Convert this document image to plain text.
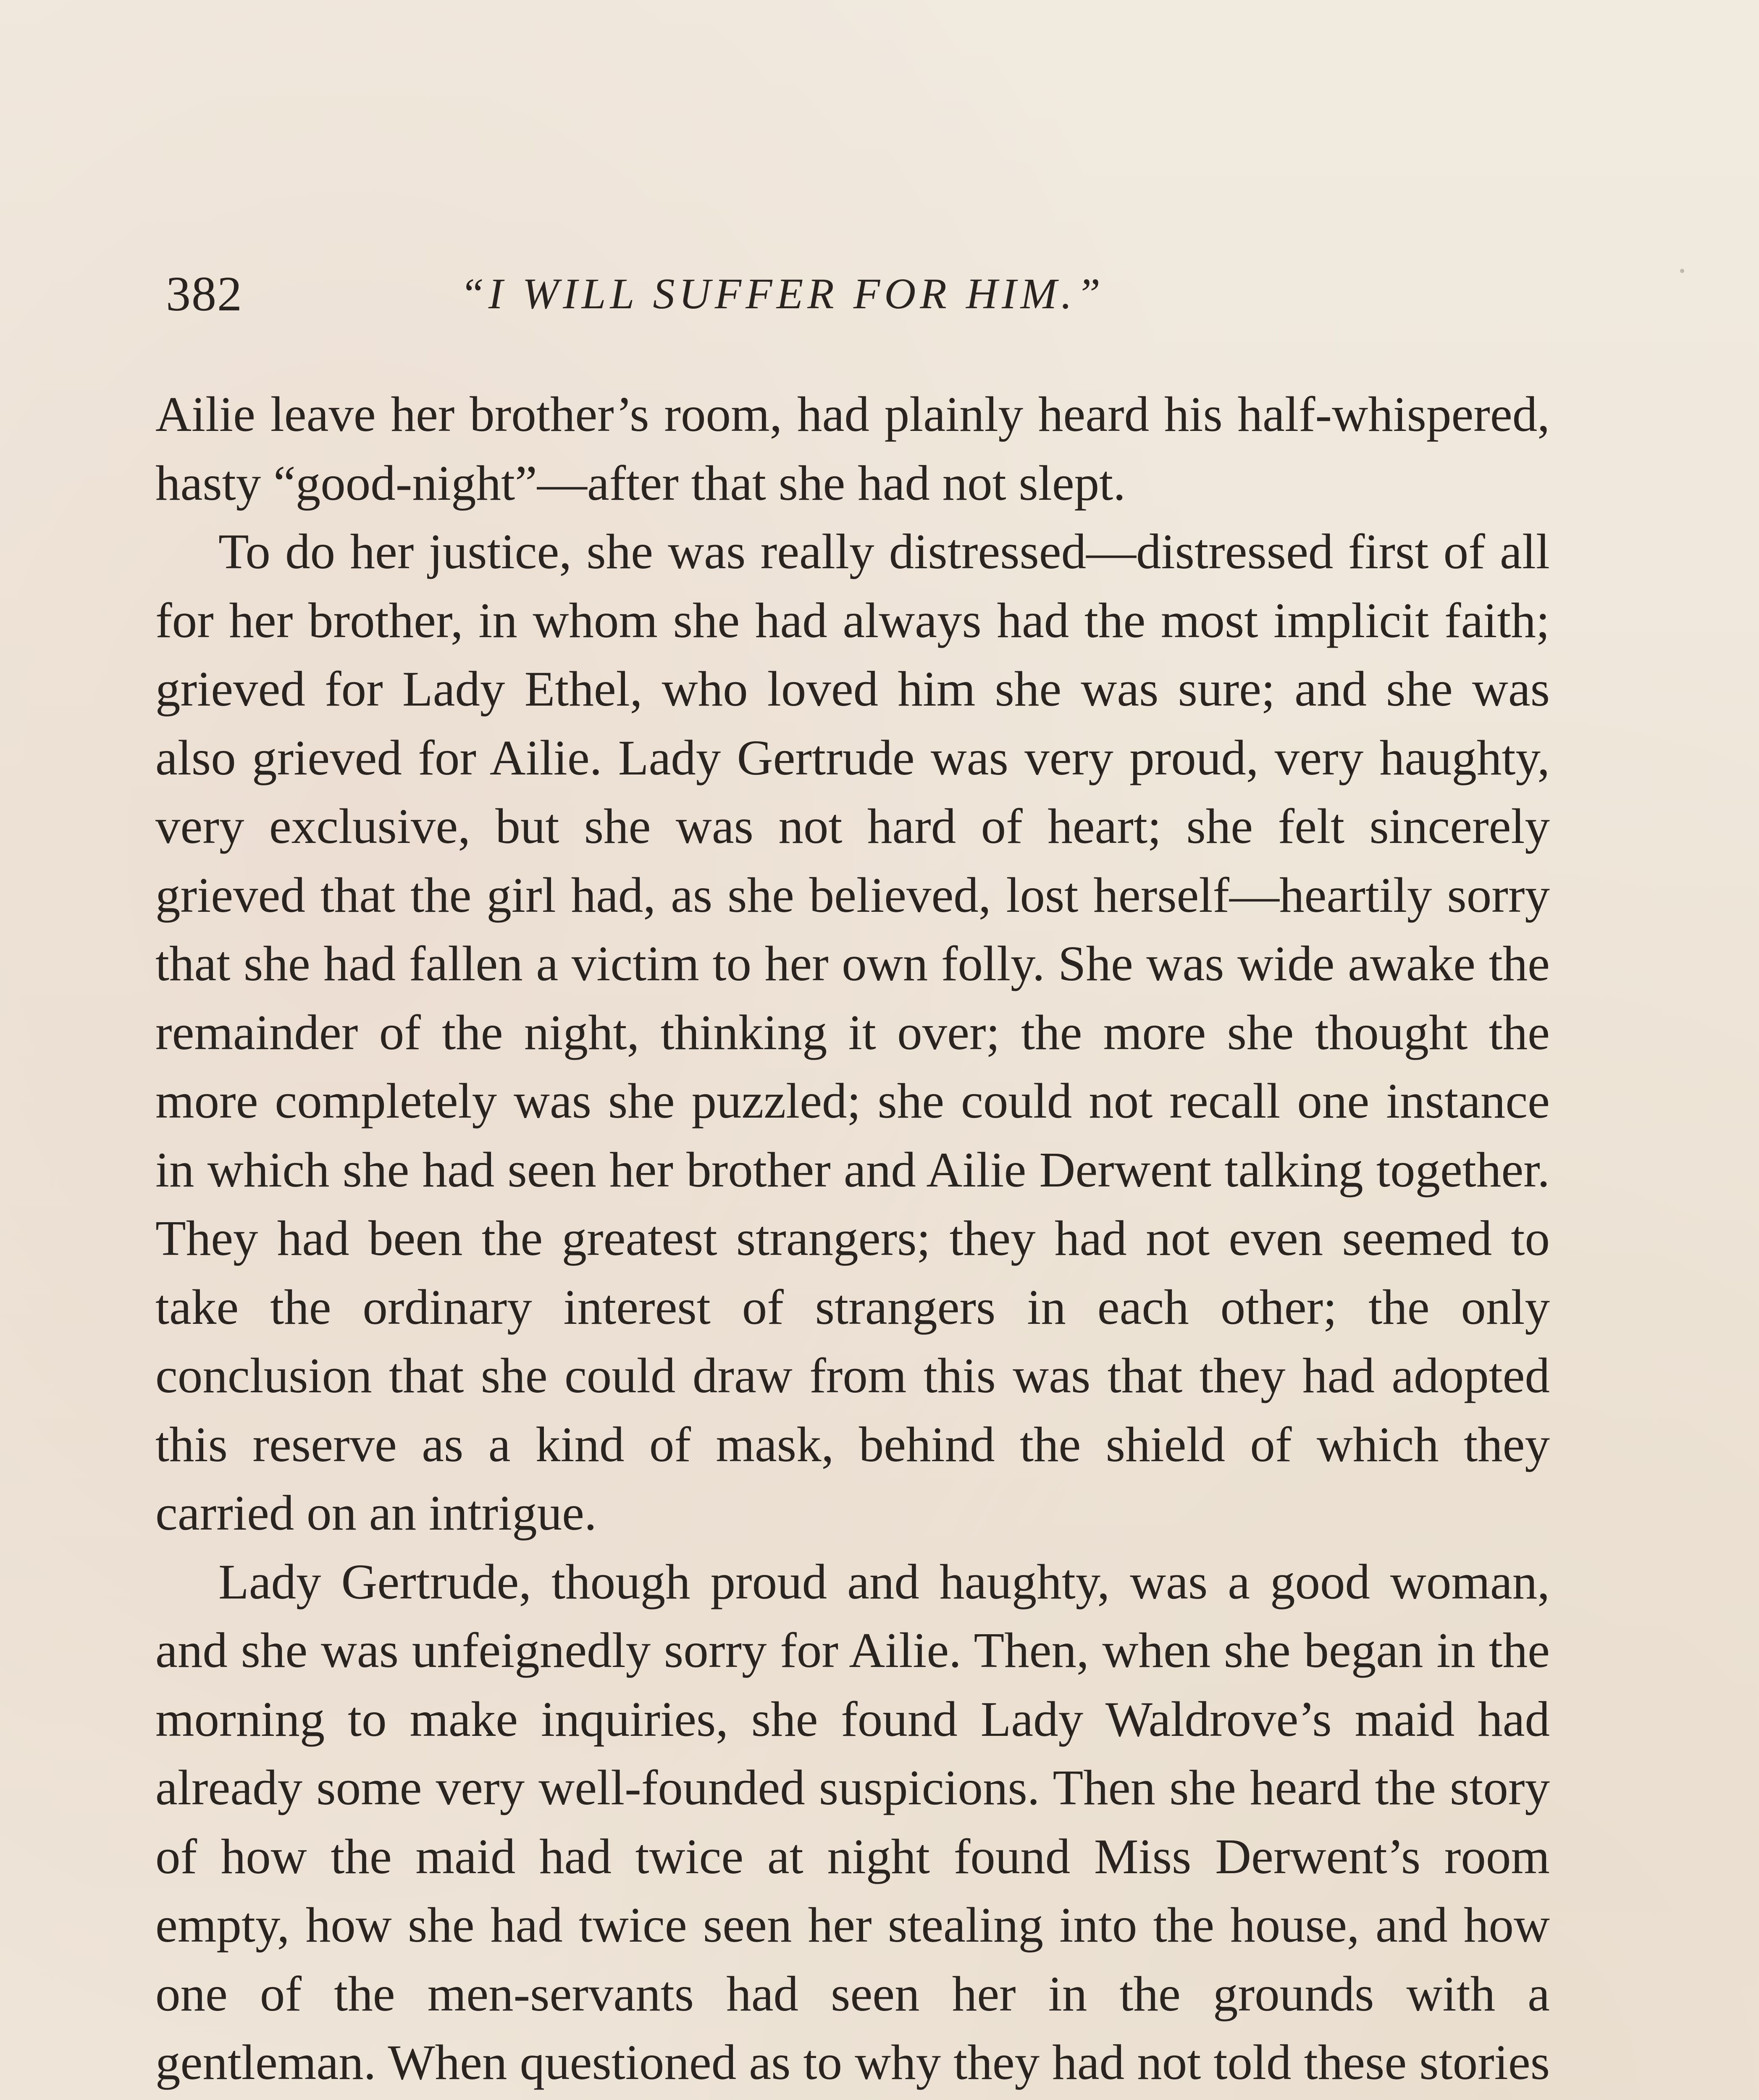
382	“I WILL SUFFER FOR HIM.”

Ailie leave her brother’s room, had plainly heard his half-whispered, hasty “good-night”—after that she had not slept.

To do her justice, she was really distressed—distressed first of all for her brother, in whom she had always had the most implicit faith; grieved for Lady Ethel, who loved him she was sure; and she was also grieved for Ailie. Lady Gertrude was very proud, very haughty, very exclusive, but she was not hard of heart; she felt sincerely grieved that the girl had, as she believed, lost herself—heartily sorry that she had fallen a victim to her own folly. She was wide awake the remainder of the night, thinking it over; the more she thought the more completely was she puzzled; she could not recall one instance in which she had seen her brother and Ailie Derwent talking together. They had been the greatest strangers; they had not even seemed to take the ordinary interest of strangers in each other; the only conclusion that she could draw from this was that they had adopted this reserve as a kind of mask, behind the shield of which they carried on an intrigue.

Lady Gertrude, though proud and haughty, was a good woman, and she was unfeignedly sorry for Ailie. Then, when she began in the morning to make inquiries, she found Lady Waldrove’s maid had already some very well-founded suspicions. Then she heard the story of how the maid had twice at night found Miss Derwent’s room empty, how she had twice seen her stealing into the house, and how one of the men-servants had seen her in the grounds with a gentleman. When questioned as to why they had not told these stories
